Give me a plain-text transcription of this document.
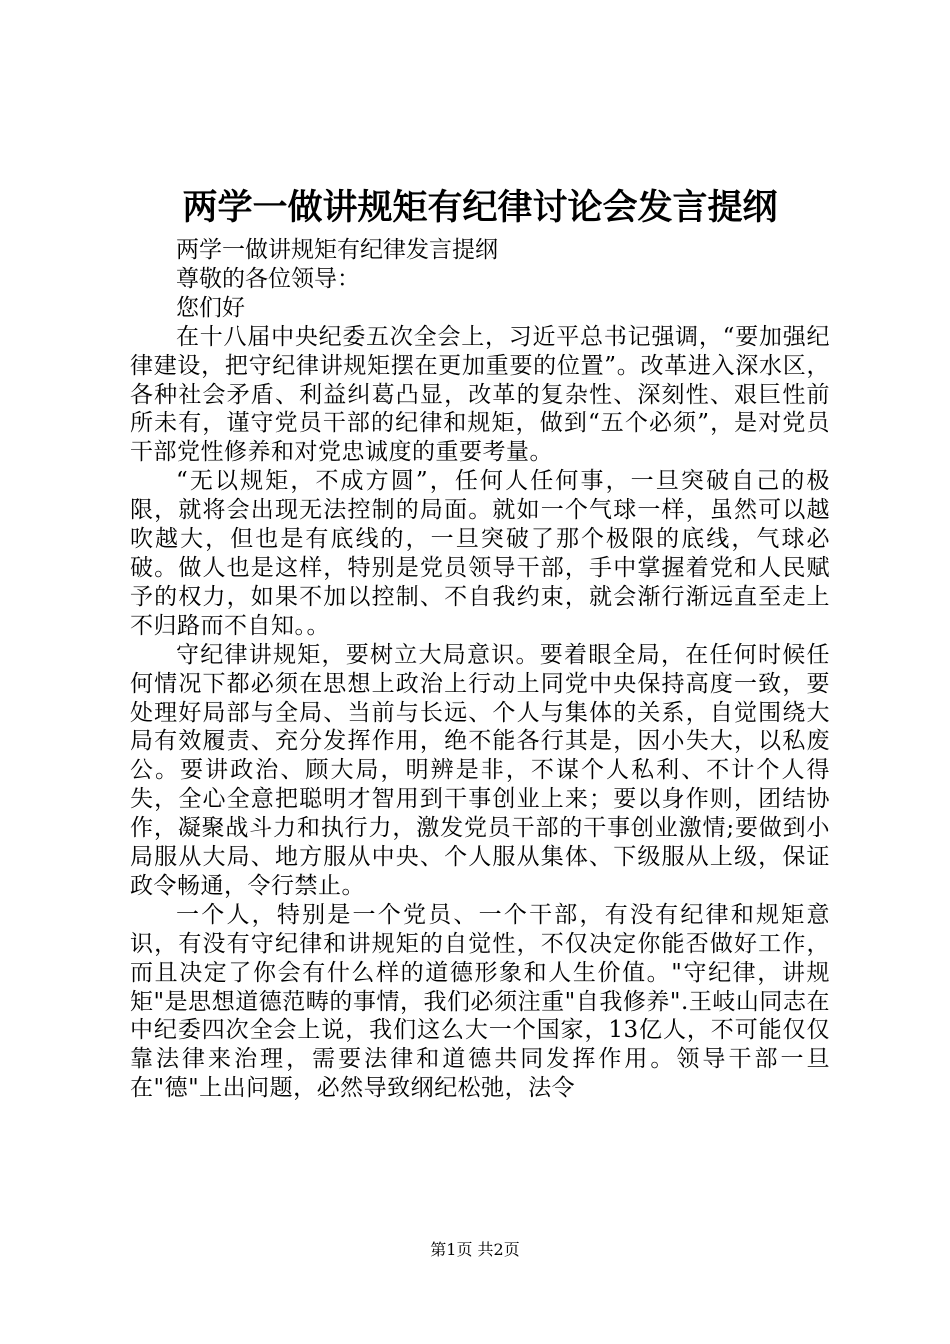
两学一做讲规矩有纪律讨论会发言提纲

两学一做讲规矩有纪律发言提纲

尊敬的各位领导：

您们好

在十八届中央纪委五次全会上，习近平总书记强调，“要加强纪律建设，把守纪律讲规矩摆在更加重要的位置”。改革进入深水区，各种社会矛盾、利益纠葛凸显，改革的复杂性、深刻性、艰巨性前所未有，谨守党员干部的纪律和规矩，做到“五个必须”，是对党员干部党性修养和对党忠诚度的重要考量。

“无以规矩，不成方圆”，任何人任何事，一旦突破自己的极限，就将会出现无法控制的局面。就如一个气球一样，虽然可以越吹越大，但也是有底线的，一旦突破了那个极限的底线，气球必破。做人也是这样，特别是党员领导干部，手中掌握着党和人民赋予的权力，如果不加以控制、不自我约束，就会渐行渐远直至走上不归路而不自知。。

守纪律讲规矩，要树立大局意识。要着眼全局，在任何时候任何情况下都必须在思想上政治上行动上同党中央保持高度一致，要处理好局部与全局、当前与长远、个人与集体的关系，自觉围绕大局有效履责、充分发挥作用，绝不能各行其是，因小失大，以私废公。要讲政治、顾大局，明辨是非，不谋个人私利、不计个人得失，全心全意把聪明才智用到干事创业上来；要以身作则，团结协作，凝聚战斗力和执行力，激发党员干部的干事创业激情;要做到小局服从大局、地方服从中央、个人服从集体、下级服从上级，保证政令畅通，令行禁止。

一个人，特别是一个党员、一个干部，有没有纪律和规矩意识，有没有守纪律和讲规矩的自觉性，不仅决定你能否做好工作，而且决定了你会有什么样的道德形象和人生价值。"守纪律，讲规矩"是思想道德范畴的事情，我们必须注重"自我修养".王岐山同志在中纪委四次全会上说，我们这么大一个国家，13亿人，不可能仅仅靠法律来治理，需要法律和道德共同发挥作用。领导干部一旦在"德"上出问题，必然导致纲纪松弛，法令

第1页 共2页
